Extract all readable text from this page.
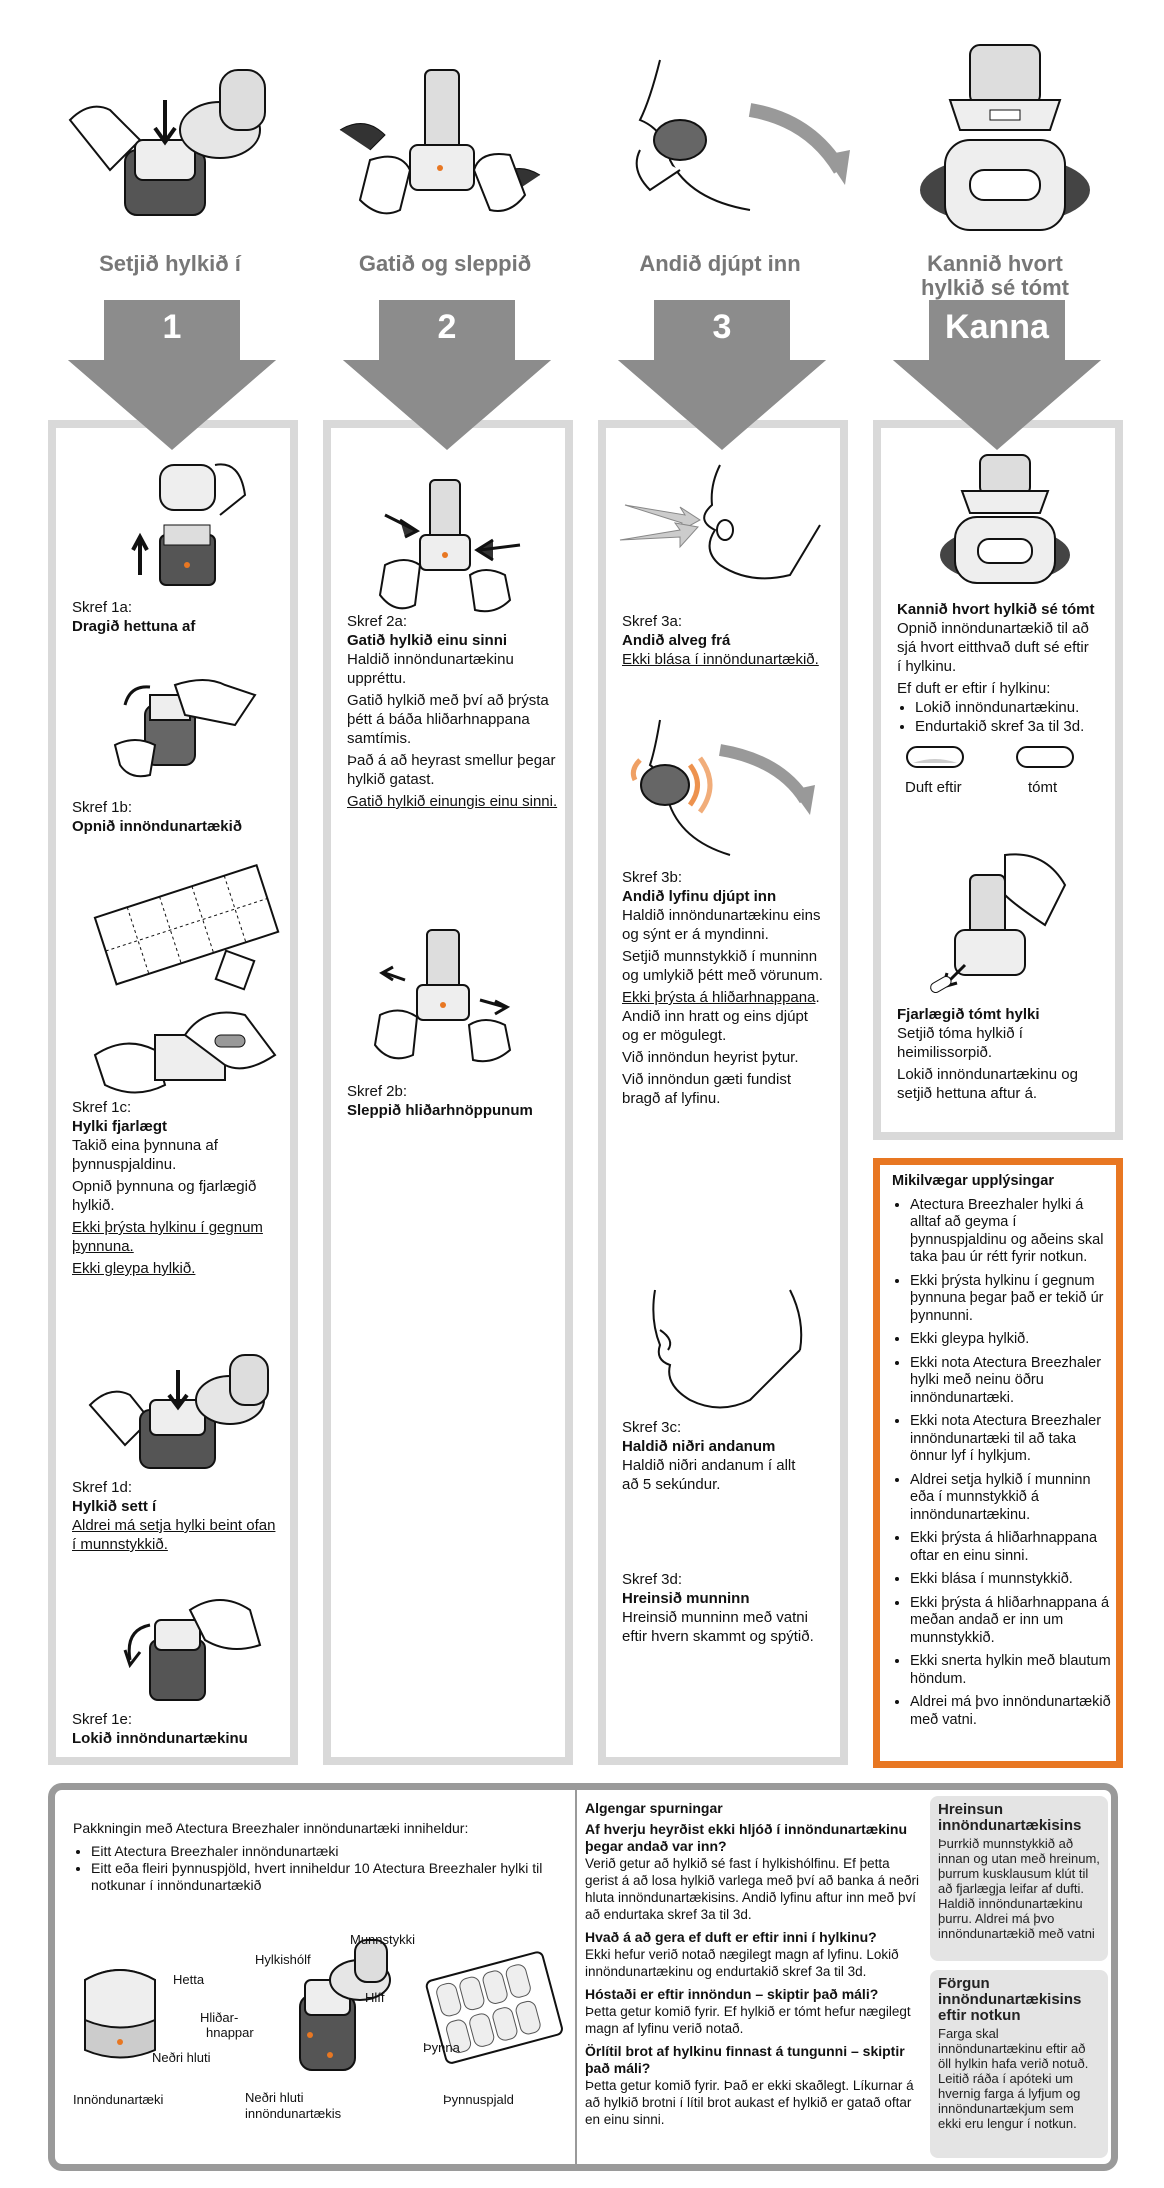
Setjið hylkið í	Gatið og sleppið	Andið djúpt inn	Kannið hvort
hylkið sé tómt
1	2	3	Kanna
Skref 1a:
Dragið hettuna af
Skref 1b:
Opnið innöndunartækið
Skref 1c:
Hylki fjarlægt
Takið eina þynnuna af
þynnuspjaldinu.
Opnið þynnuna og fjarlægið
hylkið.
Ekki þrýsta hylkinu í gegnum
þynnuna.
Ekki gleypa hylkið.
Skref 1d:
Hylkið sett í
Aldrei má setja hylki beint ofan
í munnstykkið.
Skref 1e:
Lokið innöndunartækinu
Skref 2a:
Gatið hylkið einu sinni
Haldið innöndunartækinu
uppréttu.
Gatið hylkið með því að þrýsta
þétt á báða hliðarhnappana
samtímis.
Það á að heyrast smellur þegar
hylkið gatast.
Gatið hylkið einungis einu sinni.
Skref 2b:
Sleppið hliðarhnöppunum
Skref 3a:
Andið alveg frá
Ekki blása í innöndunartækið.
Skref 3b:
Andið lyfinu djúpt inn
Haldið innöndunartækinu eins
og sýnt er á myndinni.
Setjið munnstykkið í munninn
og umlykið þétt með vörunum.
Ekki þrýsta á hliðarhnappana.
Andið inn hratt og eins djúpt
og er mögulegt.
Við innöndun heyrist þytur.
Við innöndun gæti fundist
bragð af lyfinu.
Skref 3c:
Haldið niðri andanum
Haldið niðri andanum í allt
að 5 sekúndur.
Skref 3d:
Hreinsið munninn
Hreinsið munninn með vatni
eftir hvern skammt og spýtið.
Kannið hvort hylkið sé tómt
Opnið innöndunartækið til að
sjá hvort eitthvað duft sé eftir
í hylkinu.
Ef duft er eftir í hylkinu:
• Lokið innöndunartækinu.
• Endurtakið skref 3a til 3d.
Duft eftir	tómt
Fjarlægið tómt hylki
Setjið tóma hylkið í
heimilissorpið.
Lokið innöndunartækinu og
setjið hettuna aftur á.
Mikilvægar upplýsingar
• Atectura Breezhaler hylki á alltaf að geyma í þynnuspjaldinu og aðeins skal taka þau úr rétt fyrir notkun.
• Ekki þrýsta hylkinu í gegnum þynnuna þegar það er tekið úr þynnunni.
• Ekki gleypa hylkið.
• Ekki nota Atectura Breezhaler hylki með neinu öðru innöndunartæki.
• Ekki nota Atectura Breezhaler innöndunartæki til að taka önnur lyf í hylkjum.
• Aldrei setja hylkið í munninn eða í munnstykkið á innöndunartækinu.
• Ekki þrýsta á hliðarhnappana oftar en einu sinni.
• Ekki blása í munnstykkið.
• Ekki þrýsta á hliðarhnappana á meðan andað er inn um munnstykkið.
• Ekki snerta hylkin með blautum höndum.
• Aldrei má þvo innöndunartækið með vatni.
Pakkningin með Atectura Breezhaler innöndunartæki inniheldur:
• Eitt Atectura Breezhaler innöndunartæki
• Eitt eða fleiri þynnuspjöld, hvert inniheldur 10 Atectura Breezhaler hylki til notkunar í innöndunartækið
Hetta
Neðri hluti
Innöndunartæki
Hylkishólf
Munnstykki
Hlíf
Hliðar-
hnappar
Neðri hluti
innöndunartækis
Þynna
Þynnuspjald
Algengar spurningar

Af hverju heyrðist ekki hljóð í innöndunartækinu þegar andað var inn?
Verið getur að hylkið sé fast í hylkishólfinu. Ef þetta gerist á að losa hylkið varlega með því að banka á neðri hluta innöndunartækisins. Andið lyfinu aftur inn með því að endurtaka skref 3a til 3d.

Hvað á að gera ef duft er eftir inni í hylkinu?
Ekki hefur verið notað nægilegt magn af lyfinu. Lokið innöndunartækinu og endurtakið skref 3a til 3d.

Hóstaði er eftir innöndun – skiptir það máli?
Þetta getur komið fyrir. Ef hylkið er tómt hefur nægilegt magn af lyfinu verið notað.

Örlítil brot af hylkinu finnast á tungunni – skiptir það máli?
Þetta getur komið fyrir. Það er ekki skaðlegt. Líkurnar á að hylkið brotni í lítil brot aukast ef hylkið er gatað oftar en einu sinni.

Hreinsun innöndunartækisins
Þurrkið munnstykkið að innan og utan með hreinum, þurrum kusklausum klút til að fjarlægja leifar af dufti. Haldið innöndunartækinu þurru. Aldrei má þvo innöndunartækið með vatni
Förgun innöndunartækisins eftir notkun
Farga skal innöndunartækinu eftir að öll hylkin hafa verið notuð. Leitið ráða í apóteki um hvernig farga á lyfjum og innöndunartækjum sem ekki eru lengur í notkun.
